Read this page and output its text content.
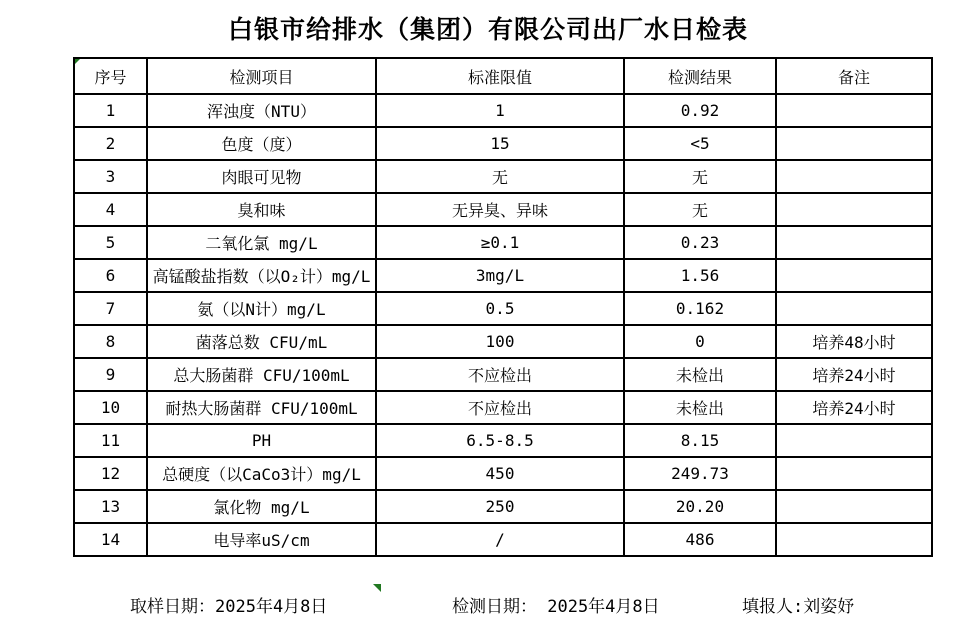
白银市给排水（集团）有限公司出厂水日检表
序号	检测项目	标准限值	检测结果	备注
1	浑浊度（NTU）	1	0.92	
2	色度（度）	15	<5	
3	肉眼可见物	无	无	
4	臭和味	无异臭、异味	无	
5	二氧化氯 mg/L	≥0.1	0.23	
6	高锰酸盐指数（以O₂计）mg/L	3mg/L	1.56	
7	氨（以N计）mg/L	0.5	0.162	
8	菌落总数 CFU/mL	100	0	培养48小时
9	总大肠菌群 CFU/100mL	不应检出	未检出	培养24小时
10	耐热大肠菌群 CFU/100mL	不应检出	未检出	培养24小时
11	PH	6.5-8.5	8.15	
12	总硬度（以CaCo3计）mg/L	450	249.73	
13	氯化物 mg/L	250	20.20	
14	电导率uS/cm	/	486	
取样日期：2025年4月8日	检测日期： 2025年4月8日	填报人:刘姿妤
